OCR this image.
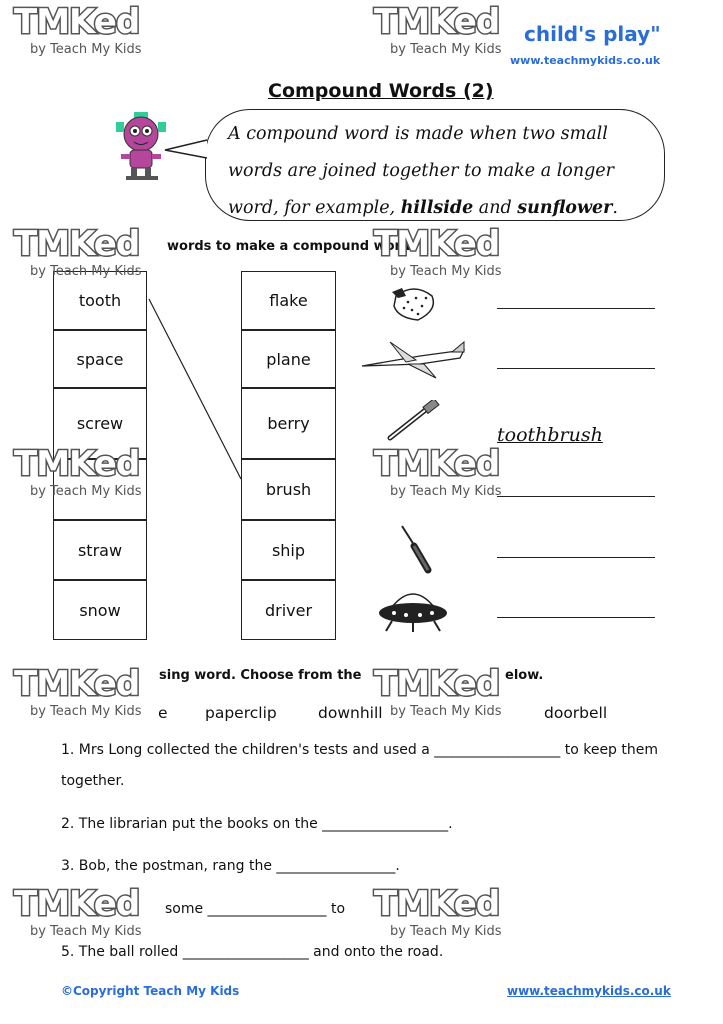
child's play"
www.teachmykids.co.uk
Compound Words (2)
A compound word is made when two small
words are joined together to make a longer
word, for example, hillside and sunflower.
words to make a compound word.
tooth
space
screw
straw
snow
flake
plane
berry
brush
ship
driver
toothbrush
sing word. Choose from the	elow.
e paperclip	downhill	doorbell
1. Mrs Long collected the children's tests and used a __________________ to keep them
together.
2. The librarian put the books on the __________________.
3. Bob, the postman, rang the _________________.
some _________________ to
5. The ball rolled __________________ and onto the road.
©Copyright Teach My Kids	www.teachmykids.co.uk
TMKed
by Teach My Kids
TMKed
by Teach My Kids
TMKed
by Teach My Kids
TMKed
by Teach My Kids
TMKed
by Teach My Kids
TMKed
by Teach My Kids
TMKed
by Teach My Kids
TMKed
by Teach My Kids
TMKed
by Teach My Kids
TMKed
by Teach My Kids
